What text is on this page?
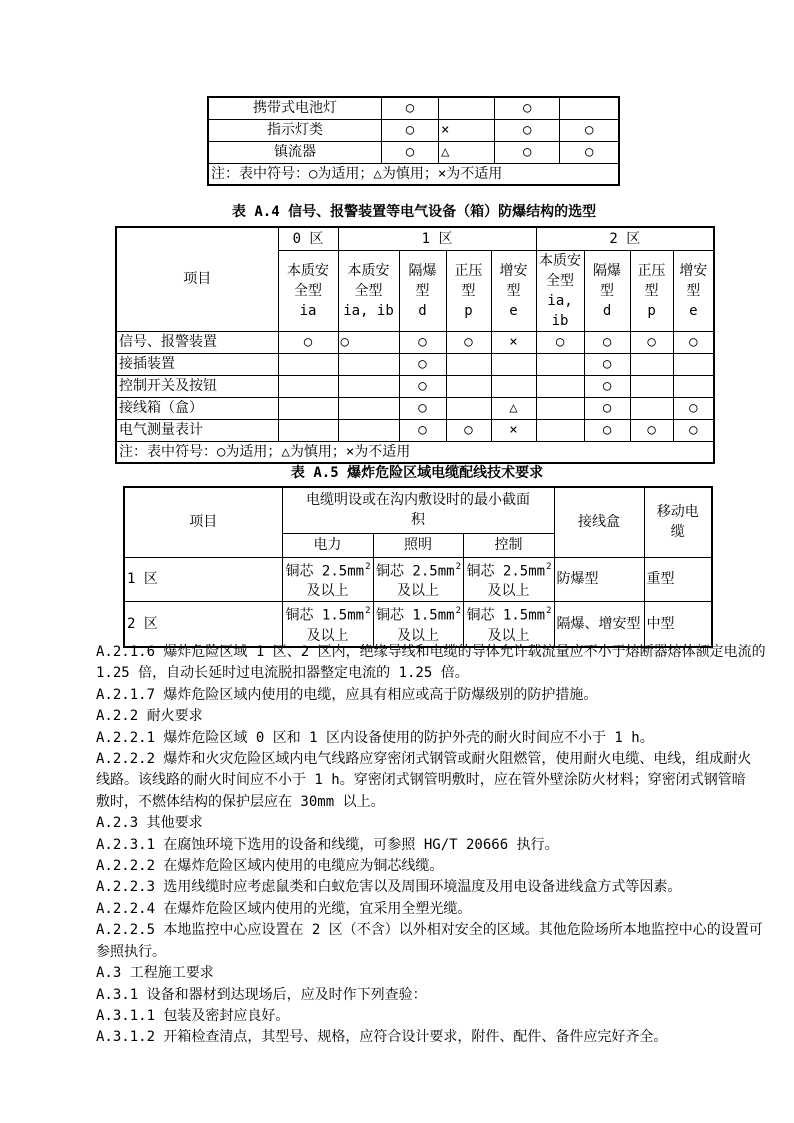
携带式电池灯	○		○	
指示灯类	○	×	○	○
镇流器	○	△	○	○
注：表中符号：○为适用；△为慎用；×为不适用				
表 A.4 信号、报警装置等电气设备（箱）防爆结构的选型
项目	0 区	1 区				2 区			
	本质安
全型
ia	本质安
全型
ia, ib	隔爆
型
d	正压
型
p	增安
型
e	本质安
全型
ia, ib	隔爆
型
d	正压
型
p	增安
型
e
信号、报警装置	○	○	○	○	×	○	○	○	○
接插装置			○				○		
控制开关及按钮			○				○		
接线箱（盒）			○		△		○		○
电气测量表计			○	○	×		○	○	○
注：表中符号：○为适用；△为慎用；×为不适用									
表 A.5 爆炸危险区域电缆配线技术要求
项目	电缆明设或在沟内敷设时的最小截面
积			接线盒	移动电
缆
	电力	照明	控制		
1 区	铜芯 $2.5mm^2$
及以上	铜芯 $2.5mm^2$
及以上	铜芯 $2.5mm^2$
及以上	防爆型	重型
2 区	铜芯 $1.5mm^2$
及以上	铜芯 $1.5mm^2$
及以上	铜芯 $1.5mm^2$
及以上	隔爆、增安型	中型
A.2.1.6 爆炸危险区域 1 区、2 区内，绝缘导线和电缆的导体允许载流量应不小于熔断器熔体额定电流的
1.25 倍，自动长延时过电流脱扣器整定电流的 1.25 倍。
A.2.1.7 爆炸危险区域内使用的电缆，应具有相应或高于防爆级别的防护措施。
A.2.2 耐火要求
A.2.2.1 爆炸危险区域 0 区和 1 区内设备使用的防护外壳的耐火时间应不小于 1 h。
A.2.2.2 爆炸和火灾危险区域内电气线路应穿密闭式钢管或耐火阻燃管，使用耐火电缆、电线，组成耐火
线路。该线路的耐火时间应不小于 1 h。穿密闭式钢管明敷时，应在管外壁涂防火材料；穿密闭式钢管暗
敷时，不燃体结构的保护层应在 30mm 以上。
A.2.3 其他要求
A.2.3.1 在腐蚀环境下选用的设备和线缆，可参照 HG/T 20666 执行。
A.2.2.2 在爆炸危险区域内使用的电缆应为铜芯线缆。
A.2.2.3 选用线缆时应考虑鼠类和白蚁危害以及周围环境温度及用电设备进线盒方式等因素。
A.2.2.4 在爆炸危险区域内使用的光缆，宜采用全塑光缆。
A.2.2.5 本地监控中心应设置在 2 区（不含）以外相对安全的区域。其他危险场所本地监控中心的设置可
参照执行。
A.3 工程施工要求
A.3.1 设备和器材到达现场后，应及时作下列查验：
A.3.1.1 包装及密封应良好。
A.3.1.2 开箱检查清点，其型号、规格，应符合设计要求，附件、配件、备件应完好齐全。
